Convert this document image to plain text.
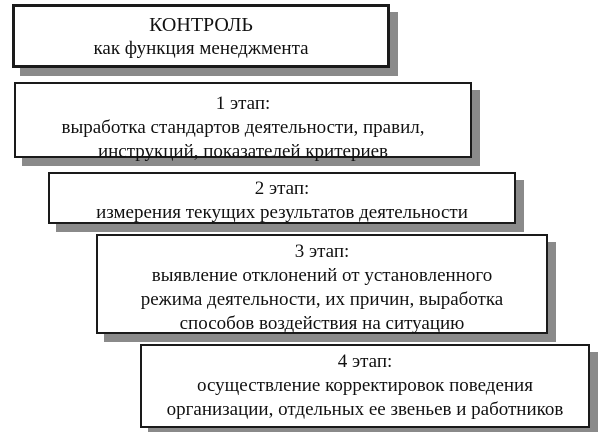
КОНТРОЛЬ
как функция менеджмента
1 этап:
выработка стандартов деятельности, правил,
инструкций, показателей критериев
2 этап:
измерения текущих результатов деятельности
3 этап:
выявление отклонений от установленного
режима деятельности, их причин, выработка
способов воздействия на ситуацию
4 этап:
осуществление корректировок поведения
организации, отдельных ее звеньев и работников
